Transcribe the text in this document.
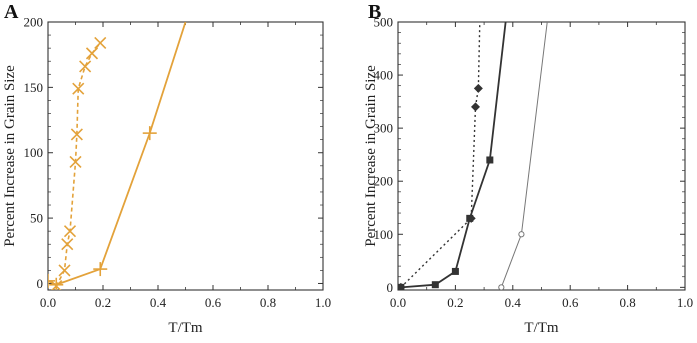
0.0	0.2	0.4	0.6	0.8	1.0
0
50
100
150
200
T/Tm
Percent Increase in Grain Size
A
0.0	0.2	0.4	0.6	0.8	1.0
0
100
200
300
400
500
T/Tm
Percent Increase in Grain Size
B
